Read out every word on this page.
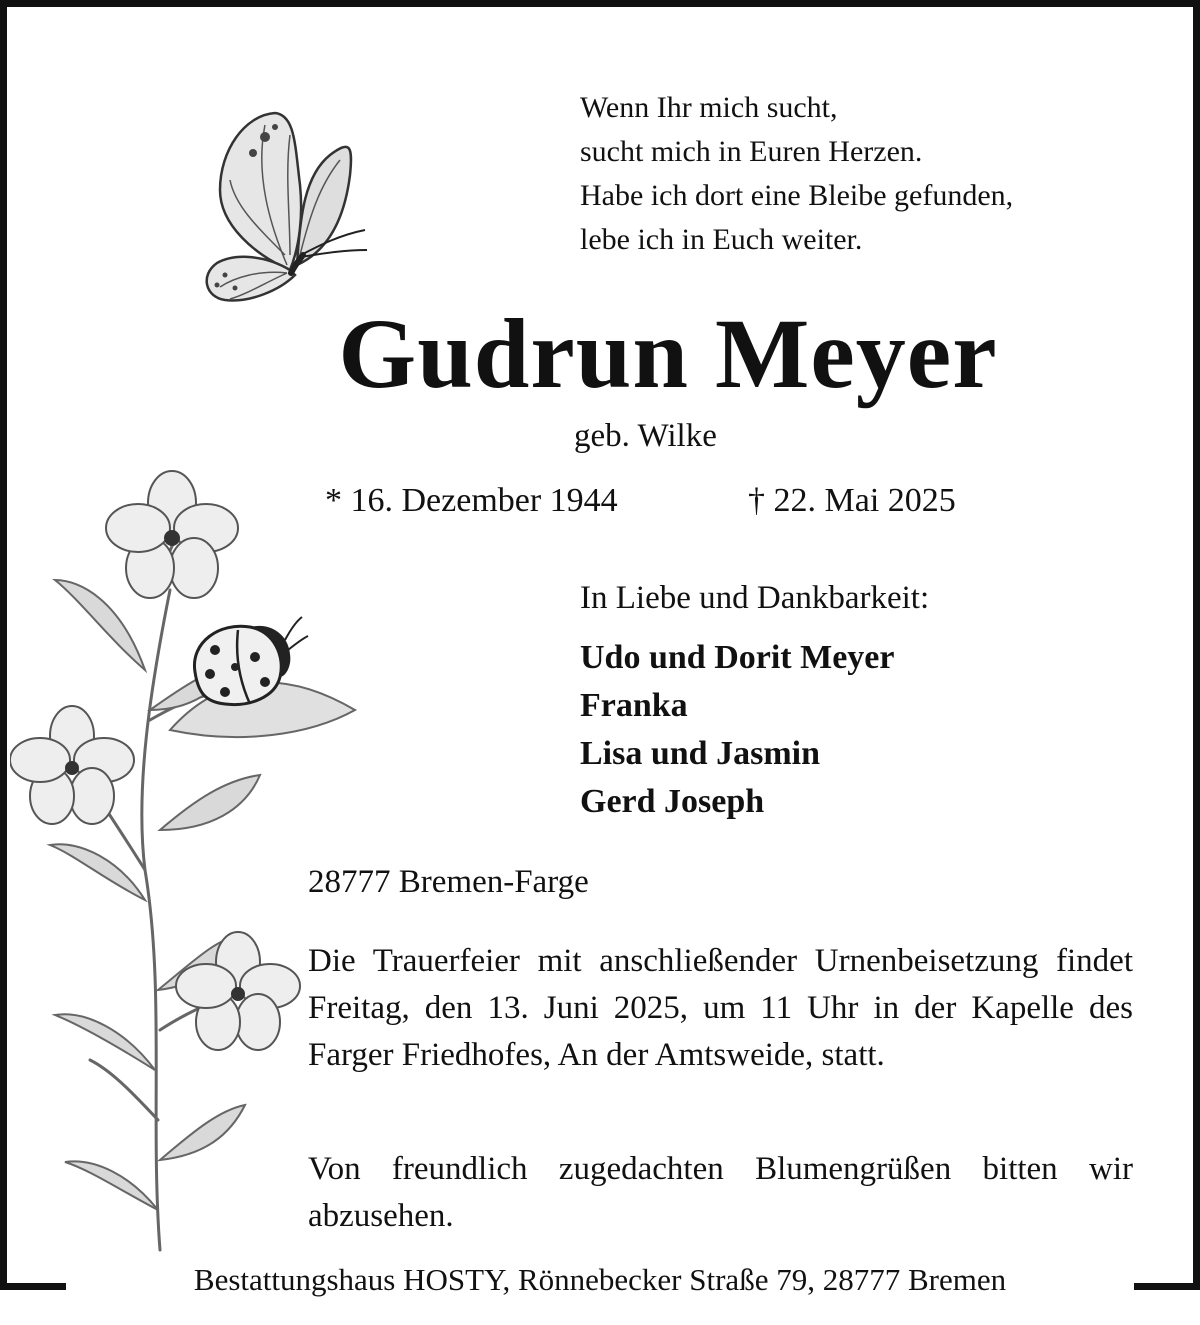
Wenn Ihr mich sucht,
sucht mich in Euren Herzen.
Habe ich dort eine Bleibe gefunden,
lebe ich in Euch weiter.
Gudrun Meyer
geb. Wilke
* 16. Dezember 1944	† 22. Mai 2025
In Liebe und Dankbarkeit:
Udo und Dorit Meyer
Franka
Lisa und Jasmin
Gerd Joseph
28777 Bremen-Farge
Die Trauerfeier mit anschließender Urnenbeisetzung findet Freitag, den 13. Juni 2025, um 11 Uhr in der Kapelle des Farger Friedhofes, An der Amtsweide, statt.
Von freundlich zugedachten Blumengrüßen bitten wir abzusehen.
Bestattungshaus HOSTY, Rönnebecker Straße 79, 28777 Bremen
